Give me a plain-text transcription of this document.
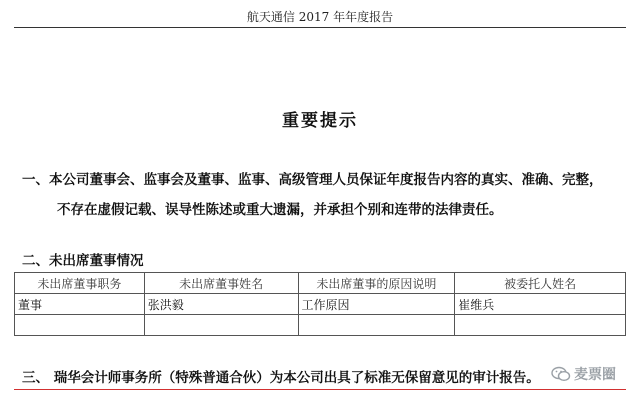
航天通信 2017 年年度报告
重要提示
一、本公司董事会、监事会及董事、监事、高级管理人员保证年度报告内容的真实、准确、完整，
不存在虚假记载、误导性陈述或重大遗漏，并承担个别和连带的法律责任。
二、未出席董事情况
未出席董事职务	未出席董事姓名	未出席董事的原因说明	被委托人姓名
董事	张洪毅	工作原因	崔维兵

三、 瑞华会计师事务所（特殊普通合伙）为本公司出具了标准无保留意见的审计报告。	麦票圈
